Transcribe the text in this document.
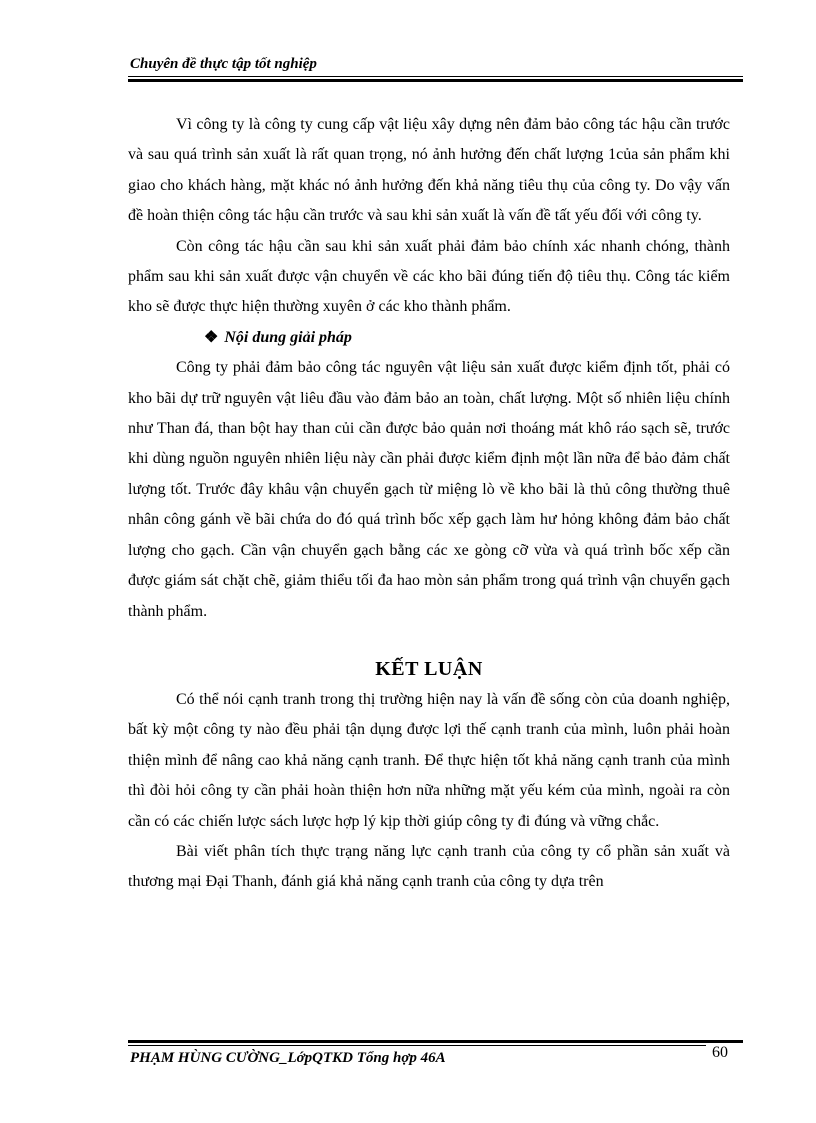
Chuyên đề thực tập tốt nghiệp

Vì công ty là công ty cung cấp vật liệu xây dựng nên đảm bảo công tác hậu cần trước và sau quá trình sản xuất là rất quan trọng, nó ảnh hưởng đến chất lượng 1của sản phẩm khi giao cho khách hàng, mặt khác nó ảnh hưởng đến khả năng tiêu thụ của công ty. Do vậy vấn đề hoàn thiện công tác hậu cần trước và sau khi sản xuất là vấn đề tất yếu đối với công ty.

Còn công tác hậu cần sau khi sản xuất phải đảm bảo chính xác nhanh chóng, thành phẩm sau khi sản xuất được vận chuyển về các kho bãi đúng tiến độ tiêu thụ. Công tác kiểm kho sẽ được thực hiện thường xuyên ở các kho thành phẩm.

❖ Nội dung giải pháp

Công ty phải đảm bảo công tác nguyên vật liệu sản xuất được kiểm định tốt, phải có kho bãi dự trữ nguyên vật liêu đầu vào đảm bảo an toàn, chất lượng. Một số nhiên liệu chính như Than đá, than bột hay than củi cần được bảo quản nơi thoáng mát khô ráo sạch sẽ, trước khi dùng nguồn nguyên nhiên liệu này cần phải được kiểm định một lần nữa để bảo đảm chất lượng tốt. Trước đây khâu vận chuyển gạch từ miệng lò về kho bãi là thủ công thường thuê nhân công gánh về bãi chứa do đó quá trình bốc xếp gạch làm hư hỏng không đảm bảo chất lượng cho gạch. Cần vận chuyển gạch bằng các xe gòng cỡ vừa và quá trình bốc xếp cần được giám sát chặt chẽ, giảm thiểu tối đa hao mòn sản phẩm trong quá trình vận chuyển gạch thành phẩm.

KẾT LUẬN

Có thể nói cạnh tranh trong thị trường hiện nay là vấn đề sống còn của doanh nghiệp, bất kỳ một công ty nào đều phải tận dụng được lợi thế cạnh tranh của mình, luôn phải hoàn thiện mình để nâng cao khả năng cạnh tranh. Để thực hiện tốt khả năng cạnh tranh của mình thì đòi hỏi công ty cần phải hoàn thiện hơn nữa những mặt yếu kém của mình, ngoài ra còn cần có các chiến lược sách lược hợp lý kịp thời giúp công ty đi đúng và vững chắc.

Bài viết phân tích thực trạng năng lực cạnh tranh của công ty cổ phần sản xuất và thương mại Đại Thanh, đánh giá khả năng cạnh tranh của công ty dựa trên

PHẠM HÙNG CƯỜNG_LớpQTKD Tổng hợp 46A	60
